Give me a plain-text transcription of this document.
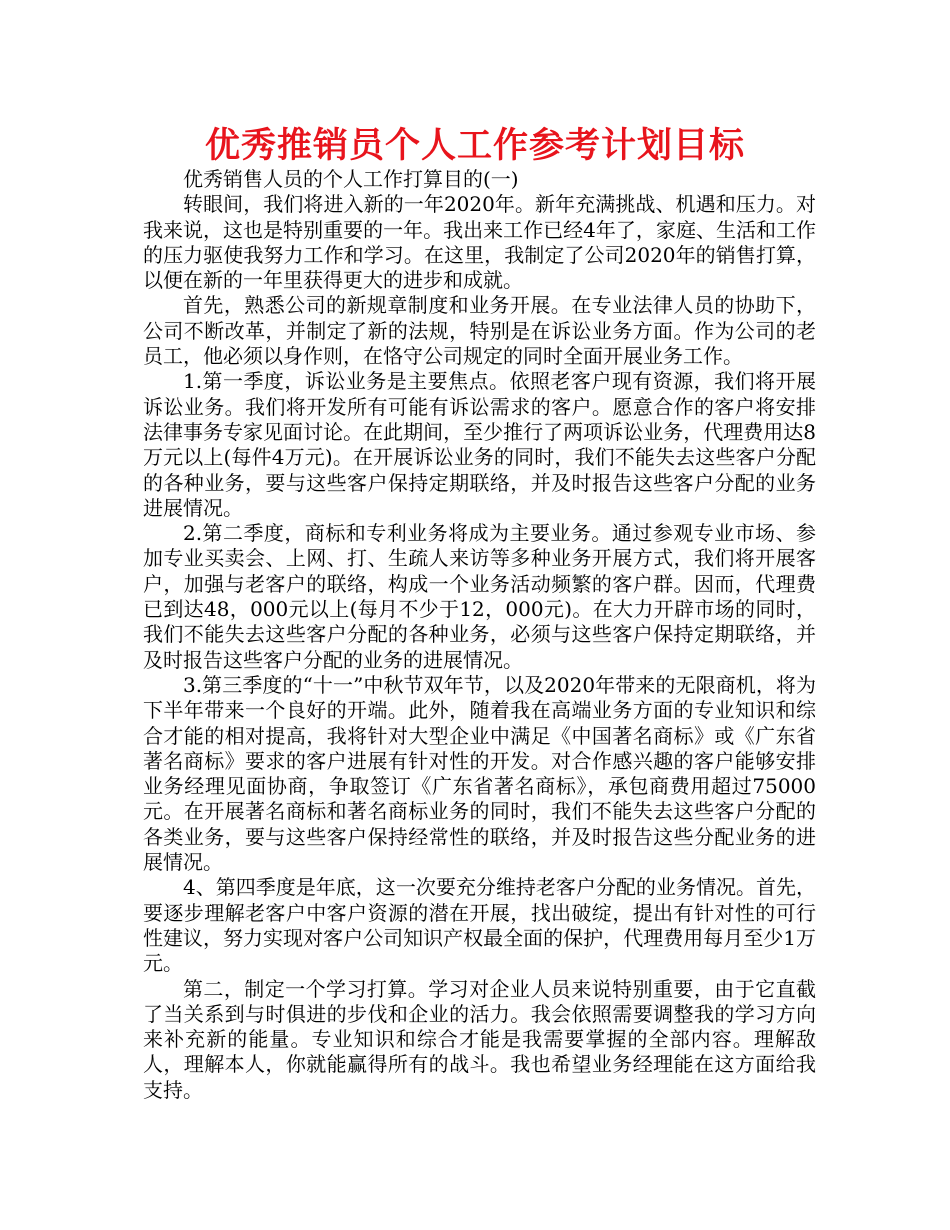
优秀推销员个人工作参考计划目标

优秀销售人员的个人工作打算目的(一)

转眼间，我们将进入新的一年2020年。新年充满挑战、机遇和压力。对我来说，这也是特别重要的一年。我出来工作已经4年了，家庭、生活和工作的压力驱使我努力工作和学习。在这里，我制定了公司2020年的销售打算，以便在新的一年里获得更大的进步和成就。

首先，熟悉公司的新规章制度和业务开展。在专业法律人员的协助下，公司不断改革，并制定了新的法规，特别是在诉讼业务方面。作为公司的老员工，他必须以身作则，在恪守公司规定的同时全面开展业务工作。

1.第一季度，诉讼业务是主要焦点。依照老客户现有资源，我们将开展诉讼业务。我们将开发所有可能有诉讼需求的客户。愿意合作的客户将安排法律事务专家见面讨论。在此期间，至少推行了两项诉讼业务，代理费用达8万元以上(每件4万元)。在开展诉讼业务的同时，我们不能失去这些客户分配的各种业务，要与这些客户保持定期联络，并及时报告这些客户分配的业务进展情况。

2.第二季度，商标和专利业务将成为主要业务。通过参观专业市场、参加专业买卖会、上网、打、生疏人来访等多种业务开展方式，我们将开展客户，加强与老客户的联络，构成一个业务活动频繁的客户群。因而，代理费已到达48，000元以上(每月不少于12，000元)。在大力开辟市场的同时，我们不能失去这些客户分配的各种业务，必须与这些客户保持定期联络，并及时报告这些客户分配的业务的进展情况。

3.第三季度的“十一”中秋节双年节，以及2020年带来的无限商机，将为下半年带来一个良好的开端。此外，随着我在高端业务方面的专业知识和综合才能的相对提高，我将针对大型企业中满足《中国著名商标》或《广东省著名商标》要求的客户进展有针对性的开发。对合作感兴趣的客户能够安排业务经理见面协商，争取签订《广东省著名商标》，承包商费用超过75000元。在开展著名商标和著名商标业务的同时，我们不能失去这些客户分配的各类业务，要与这些客户保持经常性的联络，并及时报告这些分配业务的进展情况。

4、第四季度是年底，这一次要充分维持老客户分配的业务情况。首先，要逐步理解老客户中客户资源的潜在开展，找出破绽，提出有针对性的可行性建议，努力实现对客户公司知识产权最全面的保护，代理费用每月至少1万元。

第二，制定一个学习打算。学习对企业人员来说特别重要，由于它直截了当关系到与时俱进的步伐和企业的活力。我会依照需要调整我的学习方向来补充新的能量。专业知识和综合才能是我需要掌握的全部内容。理解敌人，理解本人，你就能赢得所有的战斗。我也希望业务经理能在这方面给我支持。
